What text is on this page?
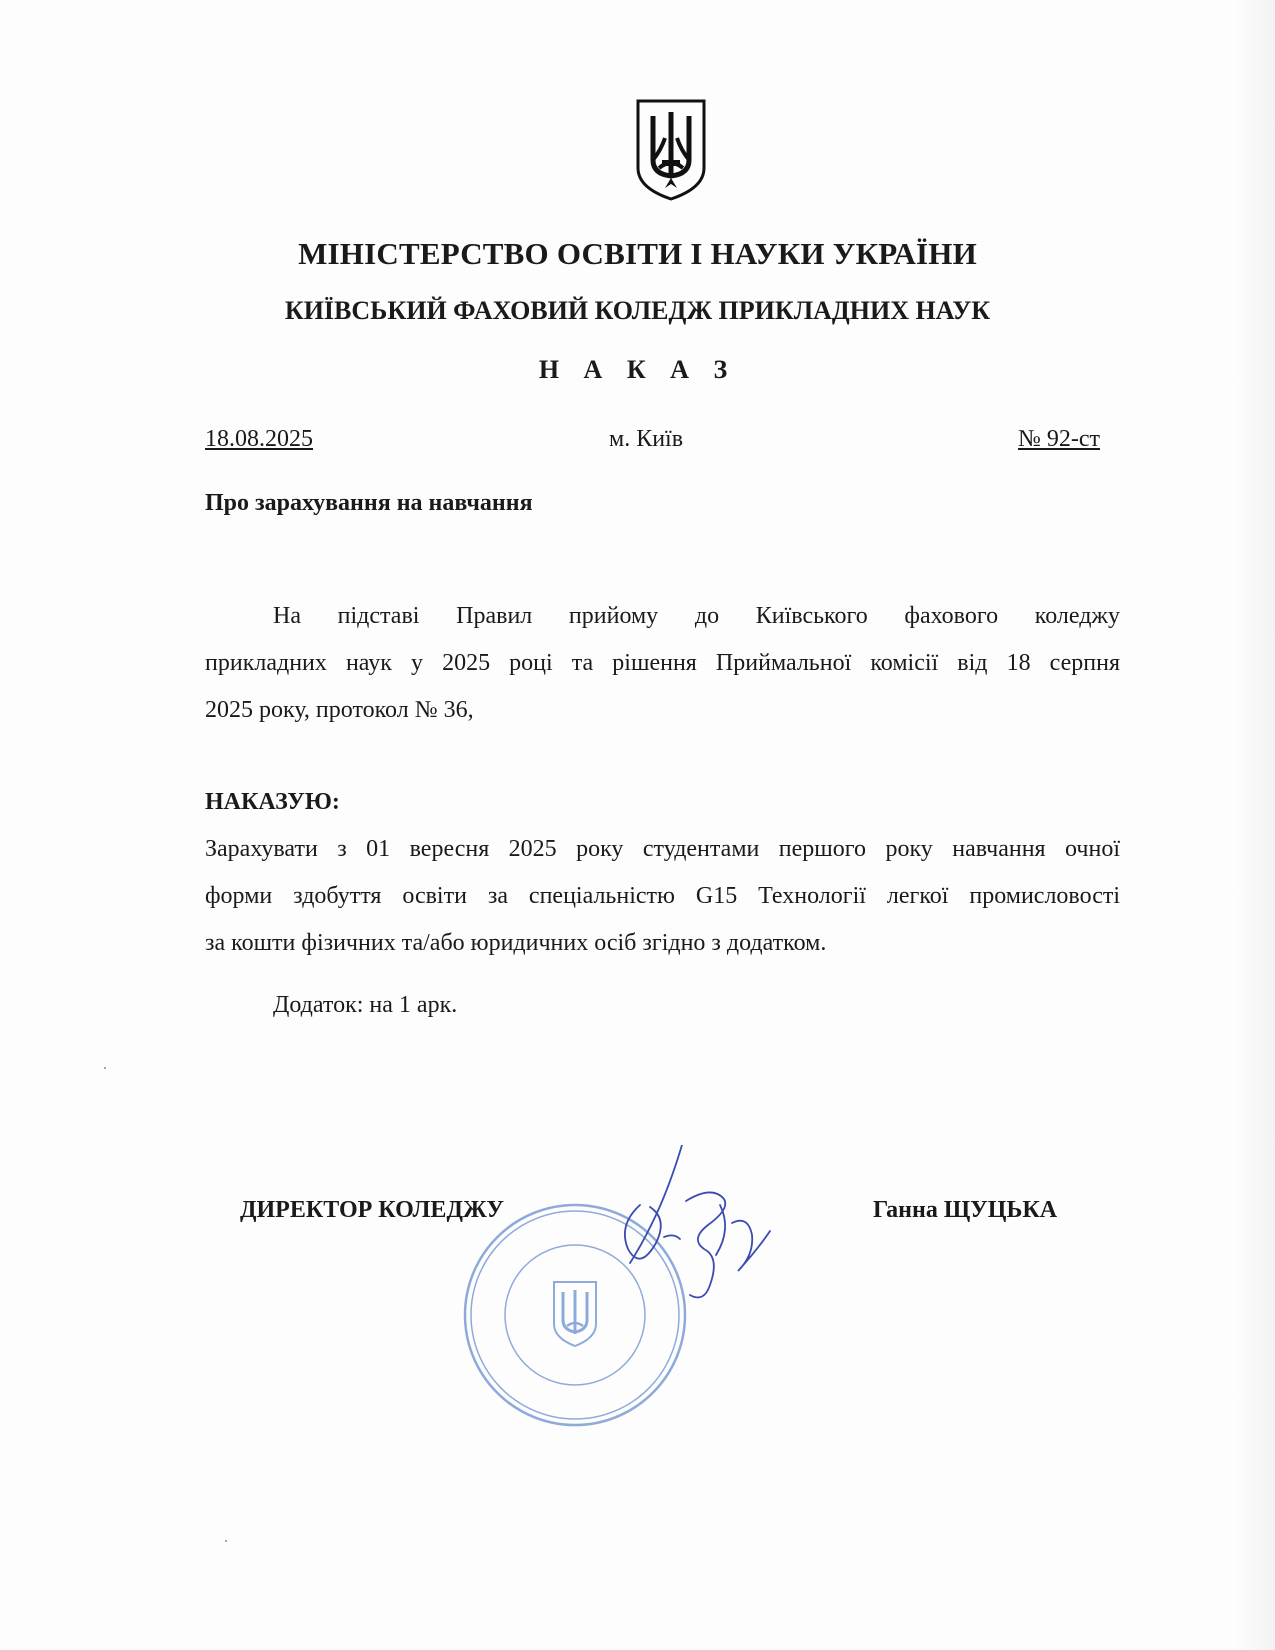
МІНІСТЕРСТВО ОСВІТИ І НАУКИ УКРАЇНИ
КИЇВСЬКИЙ ФАХОВИЙ КОЛЕДЖ ПРИКЛАДНИХ НАУК
Н А К А З
18.08.2025	м. Київ	№ 92-ст
Про зарахування на навчання
На підставі Правил прийому до Київського фахового коледжу
прикладних наук у 2025 році та рішення Приймальної комісії від 18 серпня
2025 року, протокол № 36,
НАКАЗУЮ:
Зарахувати з 01 вересня 2025 року студентами першого року навчання очної
форми здобуття освіти за спеціальністю G15 Технології легкої промисловості
за кошти фізичних та/або юридичних осіб згідно з додатком.
Додаток: на 1 арк.
ДИРЕКТОР КОЛЕДЖУ	Ганна ЩУЦЬКА
